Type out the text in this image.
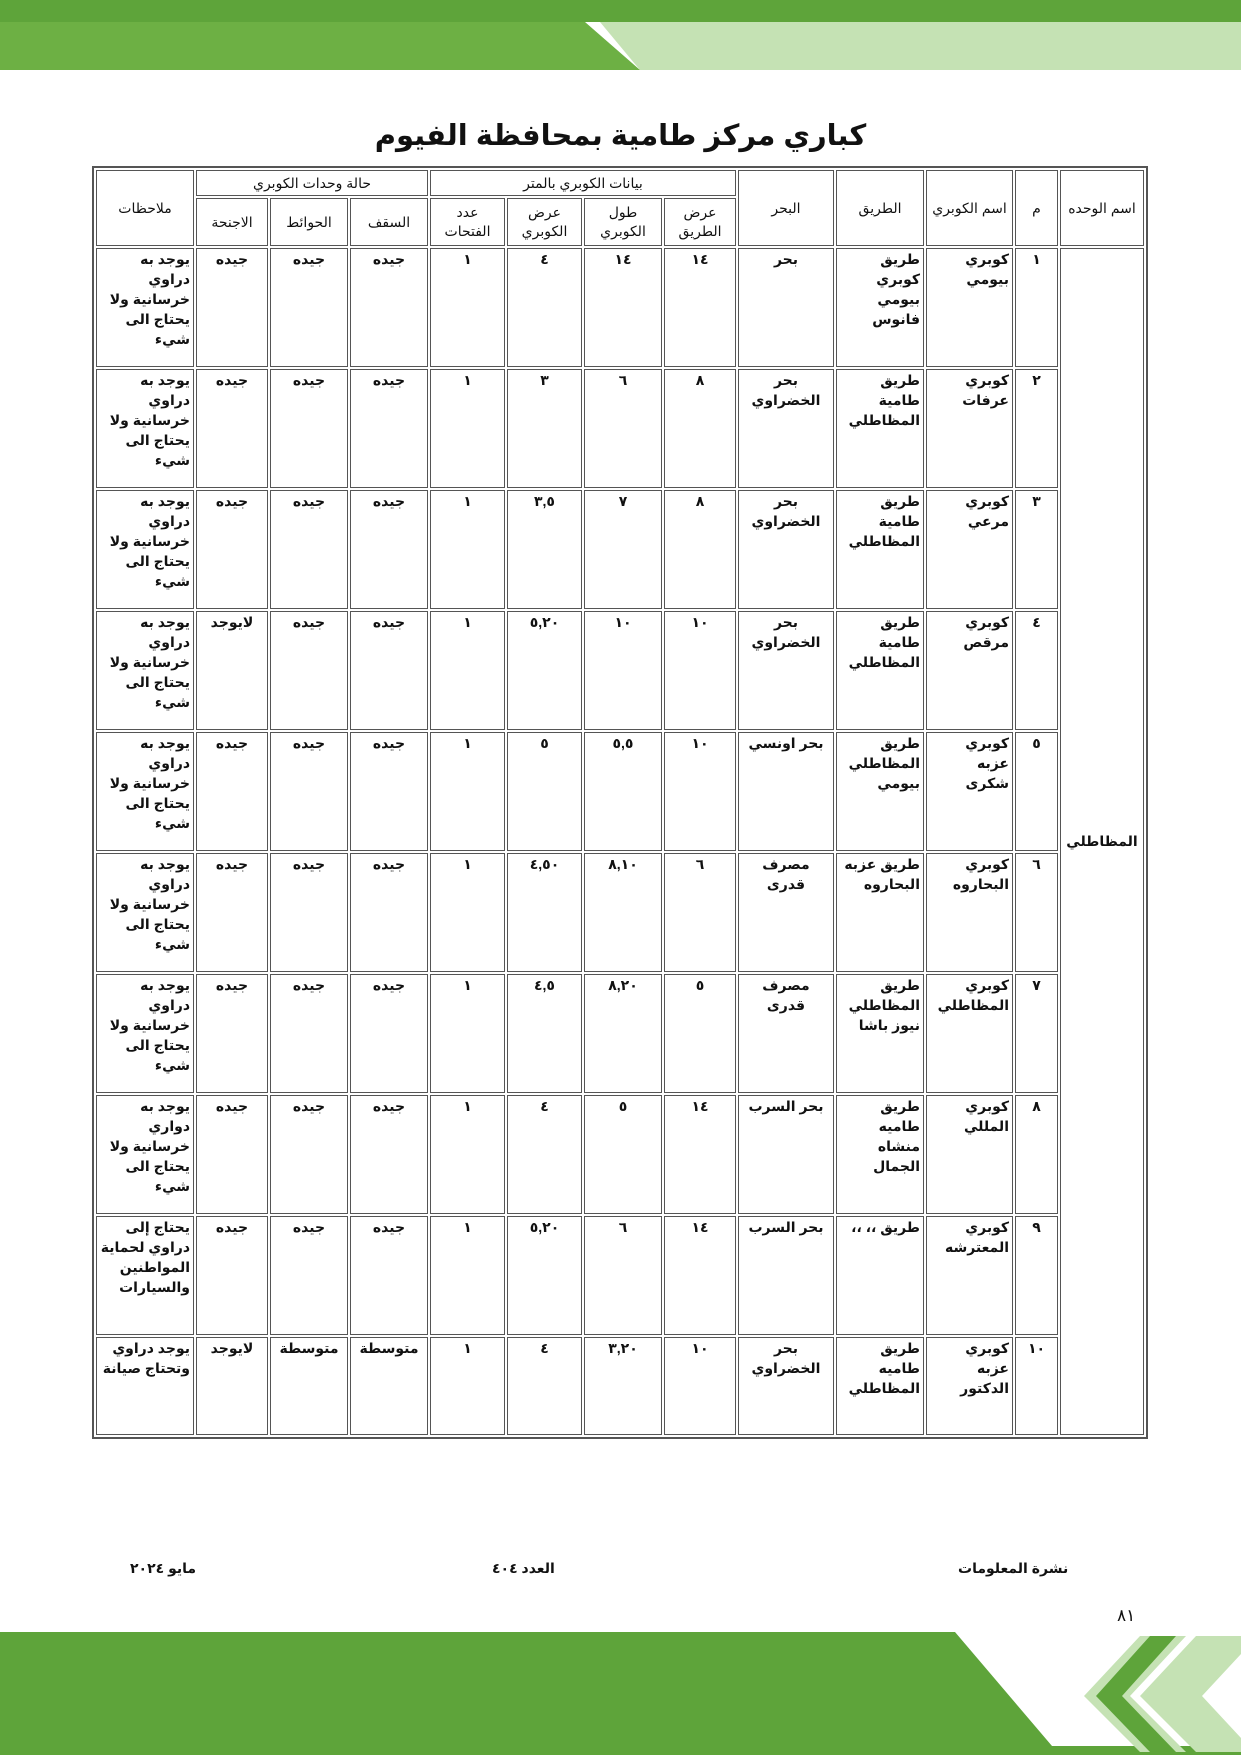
كباري مركز طامية بمحافظة الفيوم
اسم الوحده	م	اسم الكوبري	الطريق	البحر	بيانات الكوبري بالمتر				حالة وحدات الكوبري			ملاحظات
					عرض الطريق	طول الكوبري	عرض الكوبري	عدد الفتحات	السقف	الحوائط	الاجنحة	
المظاطلي	١	كوبري بيومي	طريق كوبري بيومي فانوس	بحر	١٤	١٤	٤	١	جيده	جيده	جيده	يوجد به دراوي خرسانية ولا يحتاج الى شيء
	٢	كوبري عرفات	طريق طامية المظاطلي	بحر الخضراوي	٨	٦	٣	١	جيده	جيده	جيده	يوجد به دراوي خرسانية ولا يحتاج الى شيء
	٣	كوبري مرعي	طريق طامية المظاطلي	بحر الخضراوي	٨	٧	٣,٥	١	جيده	جيده	جيده	يوجد به دراوي خرسانية ولا يحتاج الى شيء
	٤	كوبري مرقص	طريق طامية المظاطلي	بحر الخضراوي	١٠	١٠	٥,٢٠	١	جيده	جيده	لايوجد	يوجد به دراوي خرسانية ولا يحتاج الى شيء
	٥	كوبري عزبه شكرى	طريق المظاطلي بيومي	بحر اونسي	١٠	٥,٥	٥	١	جيده	جيده	جيده	يوجد به دراوي خرسانية ولا يحتاج الى شيء
	٦	كوبري البحاروه	طريق عزبه البحاروه	مصرف قدرى	٦	٨,١٠	٤,٥٠	١	جيده	جيده	جيده	يوجد به دراوي خرسانية ولا يحتاج الى شيء
	٧	كوبري المظاطلي	طريق المظاطلي نيوز باشا	مصرف قدرى	٥	٨,٢٠	٤,٥	١	جيده	جيده	جيده	يوجد به دراوي خرسانية ولا يحتاج الى شيء
	٨	كوبري المللي	طريق طاميه منشاه الجمال	بحر السرب	١٤	٥	٤	١	جيده	جيده	جيده	يوجد به دواري خرسانية ولا يحتاج الى شيء
	٩	كوبري المعترشه	طريق ،، ،،	بحر السرب	١٤	٦	٥,٢٠	١	جيده	جيده	جيده	يحتاج إلى دراوي لحماية المواطنين والسيارات
	١٠	كوبري عزبه الدكتور	طريق طاميه المظاطلي	بحر الخضراوي	١٠	٣,٢٠	٤	١	متوسطة	متوسطة	لايوجد	يوجد دراوي وتحتاج صيانة
نشرة المعلومات
العدد ٤٠٤
مايو ٢٠٢٤
٨١
